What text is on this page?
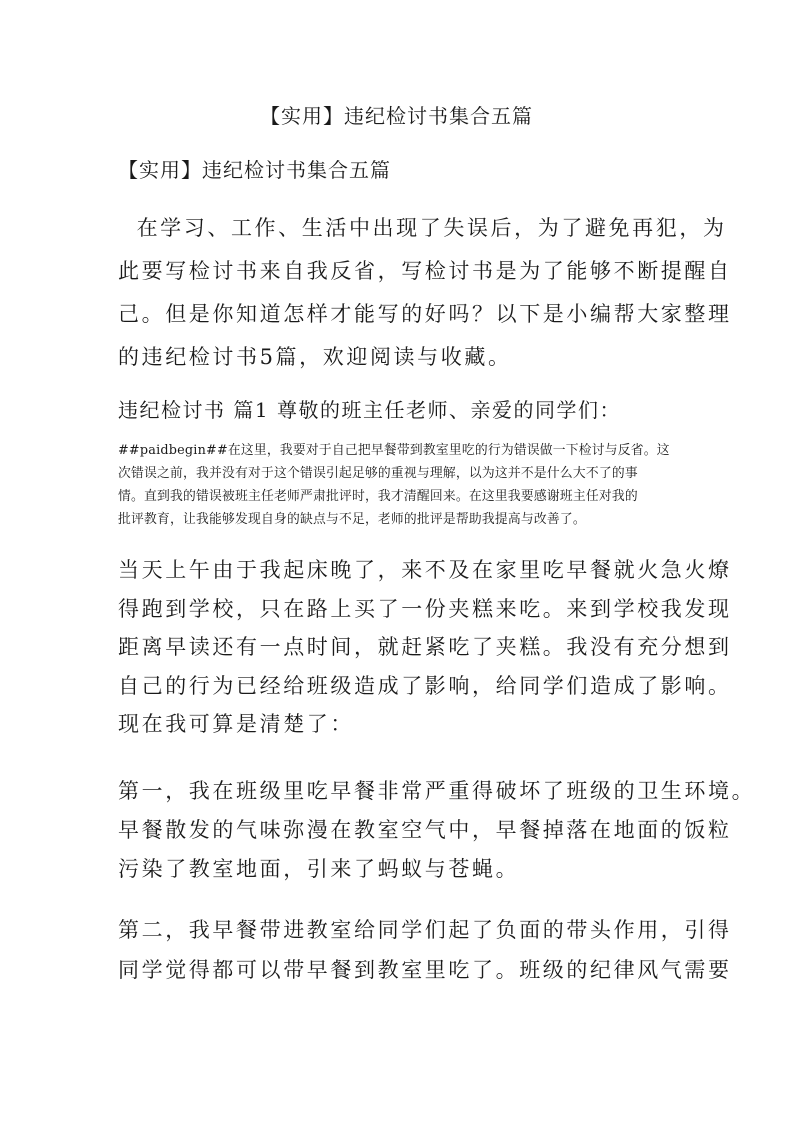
【实用】违纪检讨书集合五篇
【实用】违纪检讨书集合五篇
在学习、工作、生活中出现了失误后，为了避免再犯，为
此要写检讨书来自我反省，写检讨书是为了能够不断提醒自
己。但是你知道怎样才能写的好吗？以下是小编帮大家整理
的违纪检讨书5篇，欢迎阅读与收藏。
违纪检讨书 篇1 尊敬的班主任老师、亲爱的同学们：
##paidbegin##在这里，我要对于自己把早餐带到教室里吃的行为错误做一下检讨与反省。这
次错误之前，我并没有对于这个错误引起足够的重视与理解，以为这并不是什么大不了的事
情。直到我的错误被班主任老师严肃批评时，我才清醒回来。在这里我要感谢班主任对我的
批评教育，让我能够发现自身的缺点与不足，老师的批评是帮助我提高与改善了。
当天上午由于我起床晚了，来不及在家里吃早餐就火急火燎
得跑到学校，只在路上买了一份夹糕来吃。来到学校我发现
距离早读还有一点时间，就赶紧吃了夹糕。我没有充分想到
自己的行为已经给班级造成了影响，给同学们造成了影响。
现在我可算是清楚了：
第一，我在班级里吃早餐非常严重得破坏了班级的卫生环境。
早餐散发的气味弥漫在教室空气中，早餐掉落在地面的饭粒
污染了教室地面，引来了蚂蚁与苍蝇。
第二，我早餐带进教室给同学们起了负面的带头作用，引得
同学觉得都可以带早餐到教室里吃了。班级的纪律风气需要
